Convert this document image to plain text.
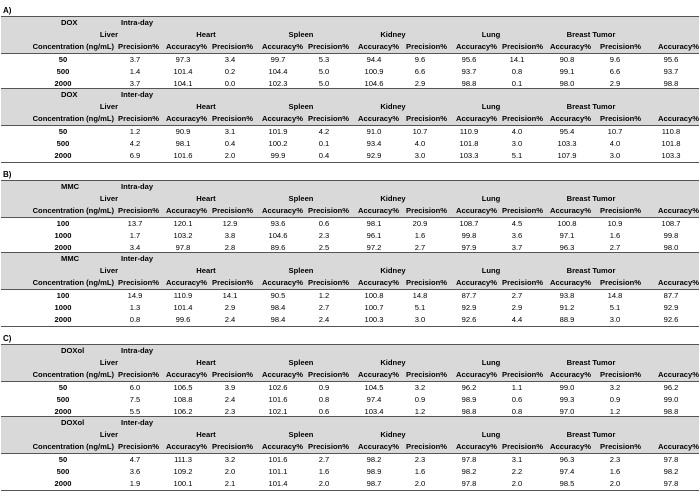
A)
DOX	Intra-day
Liver	Heart	Spleen	Kidney	Lung	Breast Tumor
Concentration (ng/mL) Precision% Accuracy% Precision%	Accuracy% Precision%	Accuracy% Precision%	Accuracy% Precision% Accuracy%	Precision%	Accuracy%
50	3.7	97.3	3.4	99.7	5.3	94.4	9.6	95.6	14.1	90.8	9.6	95.6
500	1.4	101.4	0.2	104.4	5.0	100.9	6.6	93.7	0.8	99.1	6.6	93.7
2000	3.7	104.1	0.0	102.3	5.0	104.6	2.9	98.8	0.1	98.0	2.9	98.8
DOX	Inter-day
Liver	Heart	Spleen	Kidney	Lung	Breast Tumor
Concentration (ng/mL) Precision% Accuracy% Precision%	Accuracy% Precision%	Accuracy% Precision%	Accuracy% Precision% Accuracy%	Precision%	Accuracy%
50	1.2	90.9	3.1	101.9	4.2	91.0	10.7	110.9	4.0	95.4	10.7	110.8
500	4.2	98.1	0.4	100.2	0.1	93.4	4.0	101.8	3.0	103.3	4.0	101.8
2000	6.9	101.6	2.0	99.9	0.4	92.9	3.0	103.3	5.1	107.9	3.0	103.3
B)
MMC	Intra-day
Liver	Heart	Spleen	Kidney	Lung	Breast Tumor
Concentration (ng/mL) Precision% Accuracy% Precision%	Accuracy% Precision%	Accuracy% Precision%	Accuracy% Precision% Accuracy%	Precision%	Accuracy%
100	13.7	120.1	12.9	93.6	0.6	98.1	20.9	108.7	4.5	100.8	10.9	108.7
1000	1.7	103.2	3.8	104.6	2.3	96.1	1.6	99.8	3.6	97.1	1.6	99.8
2000	3.4	97.8	2.8	89.6	2.5	97.2	2.7	97.9	3.7	96.3	2.7	98.0
MMC	Inter-day
Liver	Heart	Spleen	Kidney	Lung	Breast Tumor
Concentration (ng/mL) Precision% Accuracy% Precision%	Accuracy% Precision%	Accuracy% Precision%	Accuracy% Precision% Accuracy%	Precision%	Accuracy%
100	14.9	110.9	14.1	90.5	1.2	100.8	14.8	87.7	2.7	93.8	14.8	87.7
1000	1.3	101.4	2.9	98.4	2.7	100.7	5.1	92.9	2.9	91.2	5.1	92.9
2000	0.8	99.6	2.4	98.4	2.4	100.3	3.0	92.6	4.4	88.9	3.0	92.6
C)
DOXol	Intra-day
Liver	Heart	Spleen	Kidney	Lung	Breast Tumor
Concentration (ng/mL) Precision% Accuracy% Precision%	Accuracy% Precision%	Accuracy% Precision%	Accuracy% Precision% Accuracy%	Precision%	Accuracy%
50	6.0	106.5	3.9	102.6	0.9	104.5	3.2	96.2	1.1	99.0	3.2	96.2
500	7.5	108.8	2.4	101.6	0.8	97.4	0.9	98.9	0.6	99.3	0.9	99.0
2000	5.5	106.2	2.3	102.1	0.6	103.4	1.2	98.8	0.8	97.0	1.2	98.8
DOXol	Inter-day
Liver	Heart	Spleen	Kidney	Lung	Breast Tumor
Concentration (ng/mL) Precision% Accuracy% Precision%	Accuracy% Precision%	Accuracy% Precision%	Accuracy% Precision% Accuracy%	Precision%	Accuracy%
50	4.7	111.3	3.2	101.6	2.7	98.2	2.3	97.8	3.1	96.3	2.3	97.8
500	3.6	109.2	2.0	101.1	1.6	98.9	1.6	98.2	2.2	97.4	1.6	98.2
2000	1.9	100.1	2.1	101.4	2.0	98.7	2.0	97.8	2.0	98.5	2.0	97.8
